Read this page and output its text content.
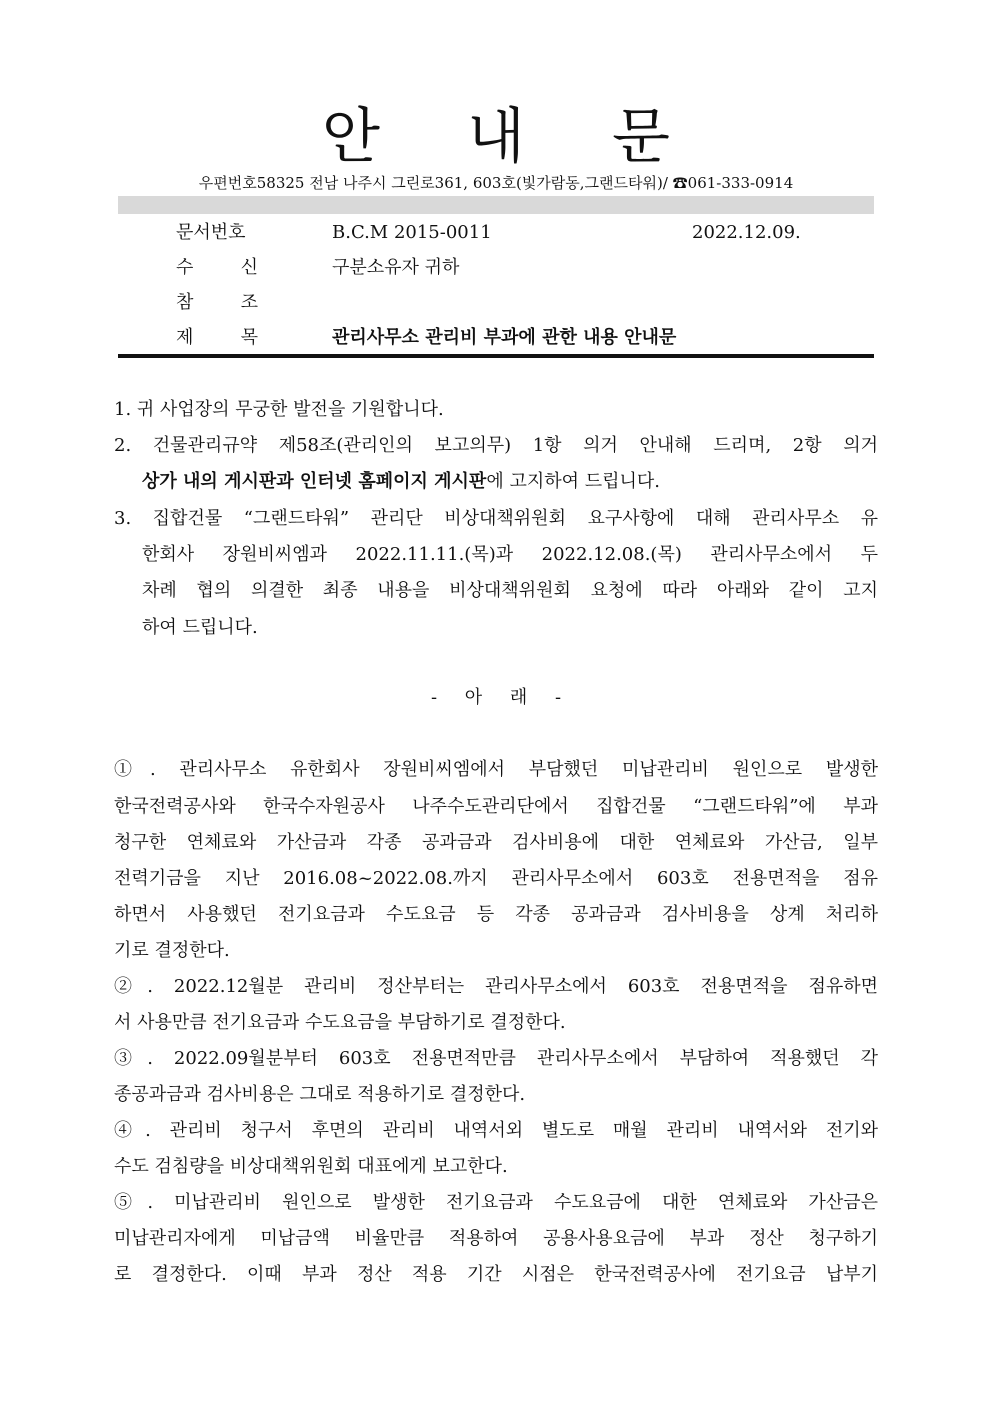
안 내 문
우편번호58325 전남 나주시 그린로361, 603호(빛가람동,그랜드타워)/ ☎061-333-0914
문서번호	B.C.M 2015-0011	2022.12.09.
수	신	구분소유자 귀하
참	조
제	목	관리사무소 관리비 부과에 관한 내용 안내문
1. 귀 사업장의 무궁한 발전을 기원합니다.
2. 건물관리규약 제58조(관리인의 보고의무) 1항 의거 안내해 드리며, 2항 의거
상가 내의 게시판과 인터넷 홈페이지 게시판에 고지하여 드립니다.
3. 집합건물 “그랜드타워” 관리단 비상대책위원회 요구사항에 대해 관리사무소 유
한회사 장원비씨엠과 2022.11.11.(목)과 2022.12.08.(목) 관리사무소에서 두
차례 협의 의결한 최종 내용을 비상대책위원회 요청에 따라 아래와 같이 고지
하여 드립니다.
- 아 래 -
①. 관리사무소 유한회사 장원비씨엠에서 부담했던 미납관리비 원인으로 발생한
한국전력공사와 한국수자원공사 나주수도관리단에서 집합건물 “그랜드타워”에 부과
청구한 연체료와 가산금과 각종 공과금과 검사비용에 대한 연체료와 가산금, 일부
전력기금을 지난 2016.08~2022.08.까지 관리사무소에서 603호 전용면적을 점유
하면서 사용했던 전기요금과 수도요금 등 각종 공과금과 검사비용을 상계 처리하
기로 결정한다.
②. 2022.12월분 관리비 정산부터는 관리사무소에서 603호 전용면적을 점유하면
서 사용만큼 전기요금과 수도요금을 부담하기로 결정한다.
③. 2022.09월분부터 603호 전용면적만큼 관리사무소에서 부담하여 적용했던 각
종공과금과 검사비용은 그대로 적용하기로 결정한다.
④. 관리비 청구서 후면의 관리비 내역서외 별도로 매월 관리비 내역서와 전기와
수도 검침량을 비상대책위원회 대표에게 보고한다.
⑤. 미납관리비 원인으로 발생한 전기요금과 수도요금에 대한 연체료와 가산금은
미납관리자에게 미납금액 비율만큼 적용하여 공용사용요금에 부과 정산 청구하기
로 결정한다. 이때 부과 정산 적용 기간 시점은 한국전력공사에 전기요금 납부기
